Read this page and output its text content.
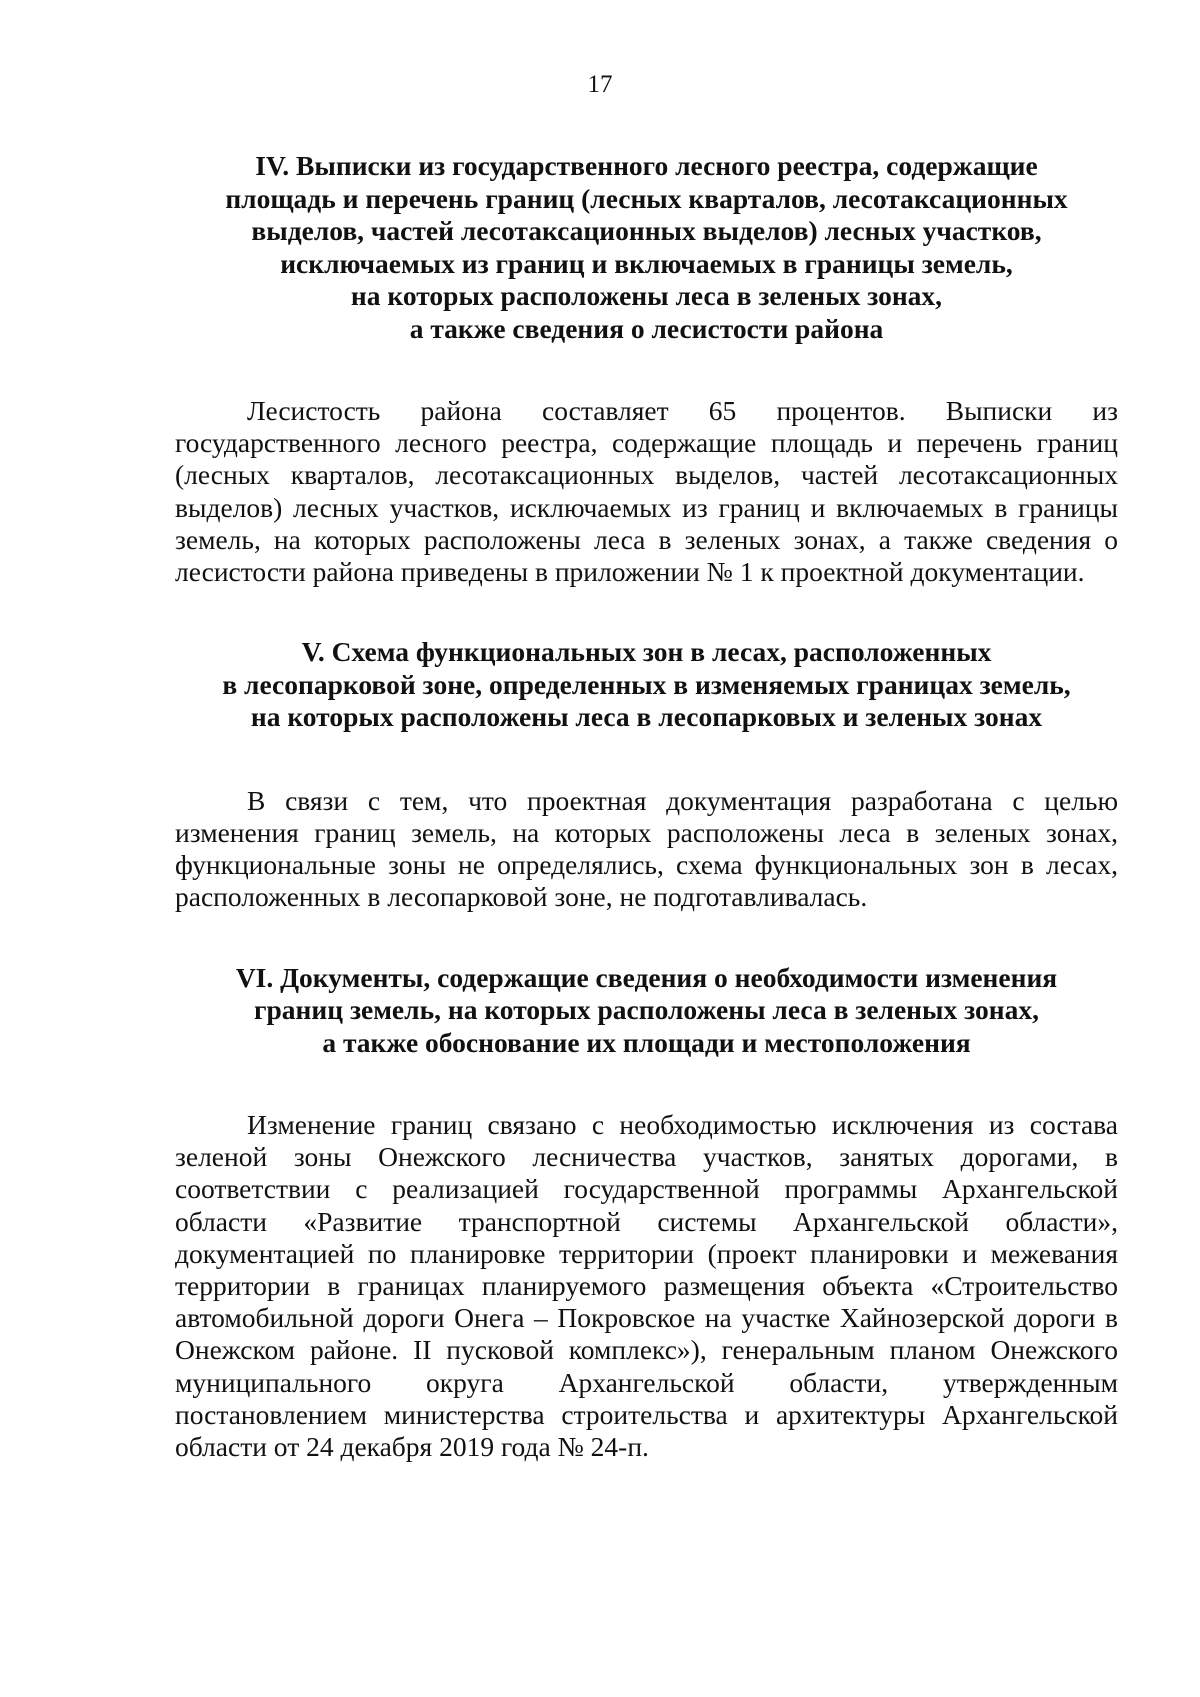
17
IV. Выписки из государственного лесного реестра, содержащие
площадь и перечень границ (лесных кварталов, лесотаксационных
выделов, частей лесотаксационных выделов) лесных участков,
исключаемых из границ и включаемых в границы земель,
на которых расположены леса в зеленых зонах,
а также сведения о лесистости района

Лесистость района составляет 65 процентов. Выписки из государственного лесного реестра, содержащие площадь и перечень границ (лесных кварталов, лесотаксационных выделов, частей лесотаксационных выделов) лесных участков, исключаемых из границ и включаемых в границы земель, на которых расположены леса в зеленых зонах, а также сведения о лесистости района приведены в приложении № 1 к проектной документации.

V. Схема функциональных зон в лесах, расположенных
в лесопарковой зоне, определенных в изменяемых границах земель,
на которых расположены леса в лесопарковых и зеленых зонах

В связи с тем, что проектная документация разработана с целью изменения границ земель, на которых расположены леса в зеленых зонах, функциональные зоны не определялись, схема функциональных зон в лесах, расположенных в лесопарковой зоне, не подготавливалась.

VI. Документы, содержащие сведения о необходимости изменения
границ земель, на которых расположены леса в зеленых зонах,
а также обоснование их площади и местоположения

Изменение границ связано с необходимостью исключения из состава зеленой зоны Онежского лесничества участков, занятых дорогами, в соответствии с реализацией государственной программы Архангельской области «Развитие транспортной системы Архангельской области», документацией по планировке территории (проект планировки и межевания территории в границах планируемого размещения объекта «Строительство автомобильной дороги Онега – Покровское на участке Хайнозерской дороги в Онежском районе. II пусковой комплекс»), генеральным планом Онежского муниципального округа Архангельской области, утвержденным постановлением министерства строительства и архитектуры Архангельской области от 24 декабря 2019 года № 24-п.
